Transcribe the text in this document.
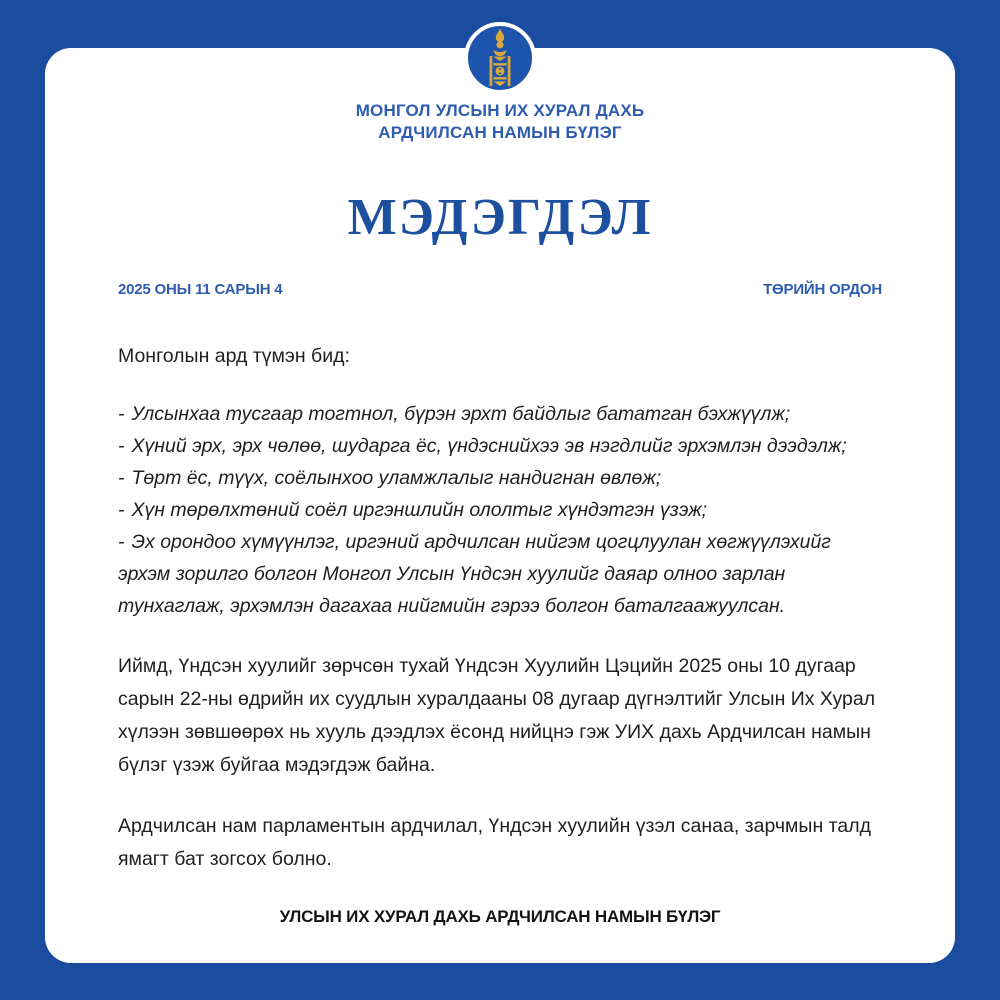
МОНГОЛ УЛСЫН ИХ ХУРАЛ ДАХЬ
АРДЧИЛСАН НАМЫН БҮЛЭГ
МЭДЭГДЭЛ
2025 ОНЫ 11 САРЫН 4	ТӨРИЙН ОРДОН
Монголын ард түмэн бид:
- Улсынхаа тусгаар тогтнол, бүрэн эрхт байдлыг бататган бэхжүүлж;
- Хүний эрх, эрх чөлөө, шударга ёс, үндэснийхээ эв нэгдлийг эрхэмлэн дээдэлж;
- Төрт ёс, түүх, соёлынхоо уламжлалыг нандигнан өвлөж;
- Хүн төрөлхтөний соёл иргэншлийн ололтыг хүндэтгэн үзэж;
- Эх орондоо хүмүүнлэг, иргэний ардчилсан нийгэм цогцлуулан хөгжүүлэхийг эрхэм зорилго болгон Монгол Улсын Үндсэн хуулийг даяар олноо зарлан тунхаглаж, эрхэмлэн дагахаа нийгмийн гэрээ болгон баталгаажуулсан.
Иймд, Үндсэн хуулийг зөрчсөн тухай Үндсэн Хуулийн Цэцийн 2025 оны 10 дугаар сарын 22-ны өдрийн их суудлын хуралдааны 08 дугаар дүгнэлтийг Улсын Их Хурал хүлээн зөвшөөрөх нь хууль дээдлэх ёсонд нийцнэ гэж УИХ дахь Ардчилсан намын бүлэг үзэж буйгаа мэдэгдэж байна.
Ардчилсан нам парламентын ардчилал, Үндсэн хуулийн үзэл санаа, зарчмын талд ямагт бат зогсох болно.
УЛСЫН ИХ ХУРАЛ ДАХЬ АРДЧИЛСАН НАМЫН БҮЛЭГ
